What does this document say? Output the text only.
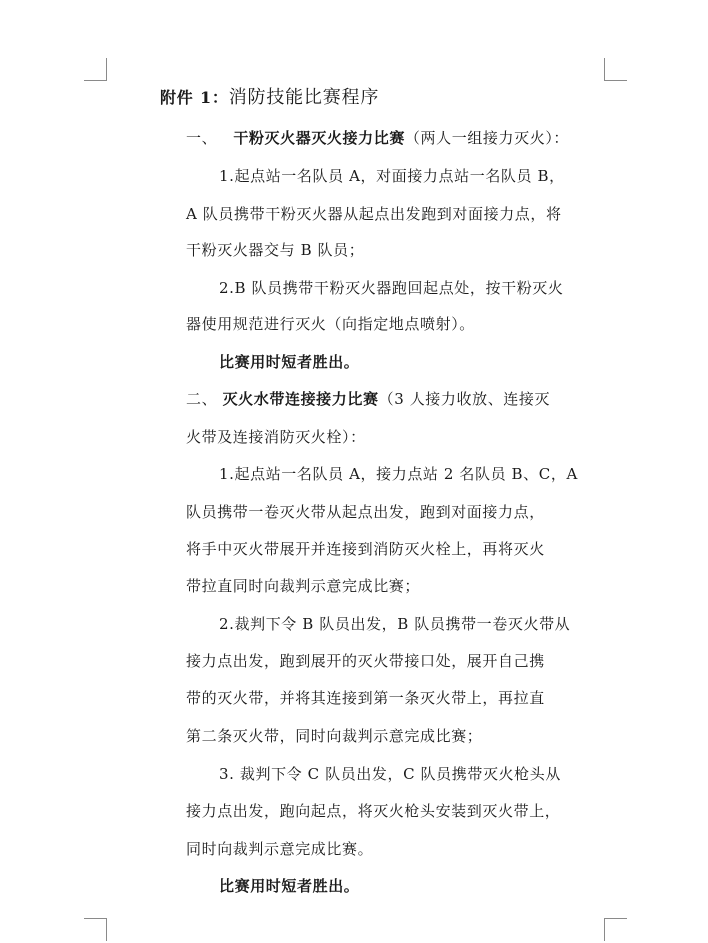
附件 1：消防技能比赛程序
一、 干粉灭火器灭火接力比赛（两人一组接力灭火）：
1.起点站一名队员 A，对面接力点站一名队员 B，
A 队员携带干粉灭火器从起点出发跑到对面接力点，将
干粉灭火器交与 B 队员；
2.B 队员携带干粉灭火器跑回起点处，按干粉灭火
器使用规范进行灭火（向指定地点喷射）。
比赛用时短者胜出。
二、 灭火水带连接接力比赛（3 人接力收放、连接灭
火带及连接消防灭火栓）：
1.起点站一名队员 A，接力点站 2 名队员 B、C，A
队员携带一卷灭火带从起点出发，跑到对面接力点，
将手中灭火带展开并连接到消防灭火栓上，再将灭火
带拉直同时向裁判示意完成比赛；
2.裁判下令 B 队员出发，B 队员携带一卷灭火带从
接力点出发，跑到展开的灭火带接口处，展开自己携
带的灭火带，并将其连接到第一条灭火带上，再拉直
第二条灭火带，同时向裁判示意完成比赛；
3. 裁判下令 C 队员出发，C 队员携带灭火枪头从
接力点出发，跑向起点，将灭火枪头安装到灭火带上，
同时向裁判示意完成比赛。
比赛用时短者胜出。
